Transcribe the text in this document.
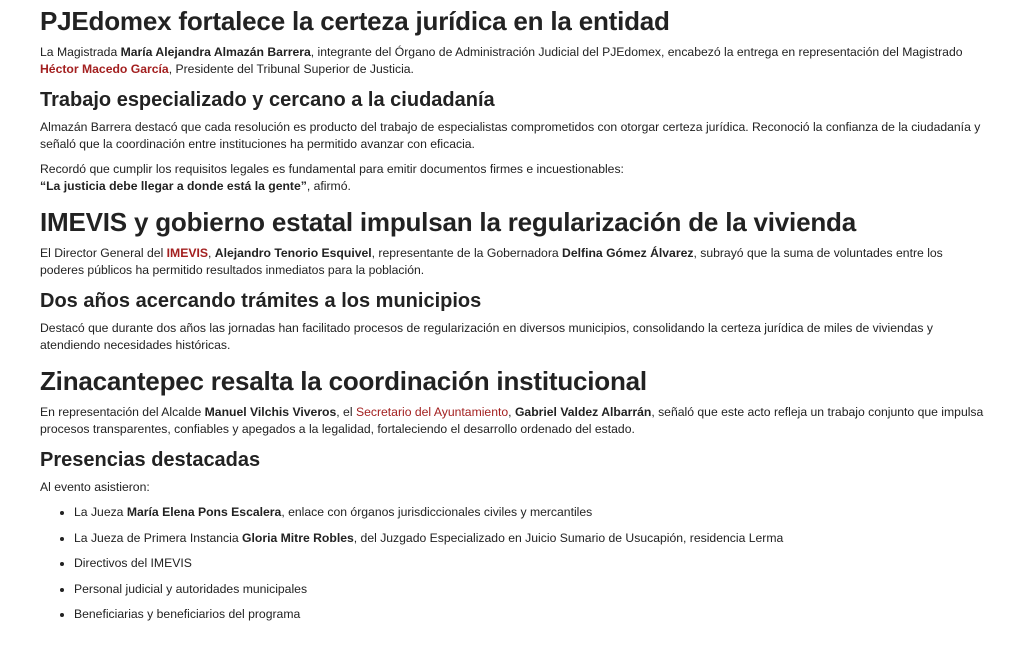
PJEdomex fortalece la certeza jurídica en la entidad

La Magistrada María Alejandra Almazán Barrera, integrante del Órgano de Administración Judicial del PJEdomex, encabezó la entrega en representación del Magistrado Héctor Macedo García, Presidente del Tribunal Superior de Justicia.

Trabajo especializado y cercano a la ciudadanía

Almazán Barrera destacó que cada resolución es producto del trabajo de especialistas comprometidos con otorgar certeza jurídica. Reconoció la confianza de la ciudadanía y señaló que la coordinación entre instituciones ha permitido avanzar con eficacia.

Recordó que cumplir los requisitos legales es fundamental para emitir documentos firmes e incuestionables:
“La justicia debe llegar a donde está la gente”, afirmó.

IMEVIS y gobierno estatal impulsan la regularización de la vivienda

El Director General del IMEVIS, Alejandro Tenorio Esquivel, representante de la Gobernadora Delfina Gómez Álvarez, subrayó que la suma de voluntades entre los poderes públicos ha permitido resultados inmediatos para la población.

Dos años acercando trámites a los municipios

Destacó que durante dos años las jornadas han facilitado procesos de regularización en diversos municipios, consolidando la certeza jurídica de miles de viviendas y atendiendo necesidades históricas.

Zinacantepec resalta la coordinación institucional

En representación del Alcalde Manuel Vilchis Viveros, el Secretario del Ayuntamiento, Gabriel Valdez Albarrán, señaló que este acto refleja un trabajo conjunto que impulsa procesos transparentes, confiables y apegados a la legalidad, fortaleciendo el desarrollo ordenado del estado.

Presencias destacadas

Al evento asistieron:

• La Jueza María Elena Pons Escalera, enlace con órganos jurisdiccionales civiles y mercantiles
• La Jueza de Primera Instancia Gloria Mitre Robles, del Juzgado Especializado en Juicio Sumario de Usucapión, residencia Lerma
• Directivos del IMEVIS
• Personal judicial y autoridades municipales
• Beneficiarias y beneficiarios del programa
